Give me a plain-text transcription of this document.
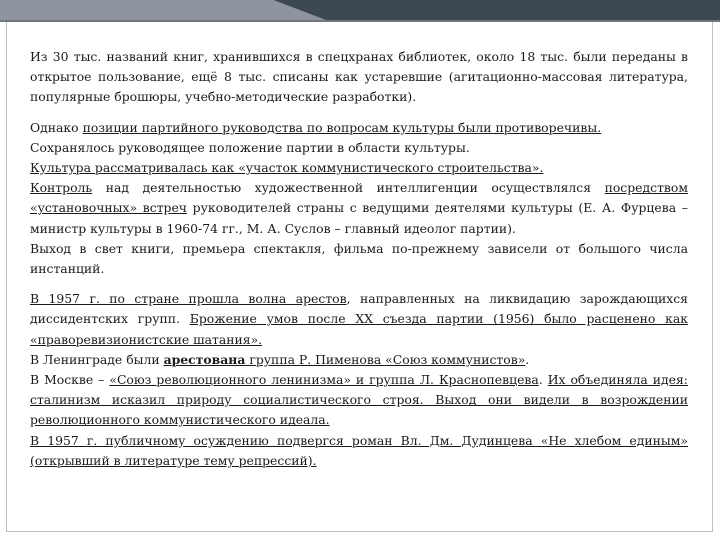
Из 30 тыс. названий книг, хранившихся в спецхранах библиотек, около 18 тыс. были переданы в открытое пользование, ещё 8 тыс. списаны как устаревшие (агитационно-массовая литература, популярные брошюры, учебно-методические разработки).

Однако позиции партийного руководства по вопросам культуры были противоречивы.

Сохранялось руководящее положение партии в области культуры.

Культура рассматривалась как «участок коммунистического строительства».

Контроль над деятельностью художественной интеллигенции осуществлялся посредством «установочных» встреч руководителей страны с ведущими деятелями культуры (Е. А. Фурцева – министр культуры в 1960-74 гг., М. А. Суслов – главный идеолог партии).

Выход в свет книги, премьера спектакля, фильма по-прежнему зависели от большого числа инстанций.

В 1957 г. по стране прошла волна арестов, направленных на ликвидацию зарождающихся диссидентских групп. Брожение умов после XX съезда партии (1956) было расценено как «праворевизионистские шатания».

В Ленинграде были арестована группа Р. Пименова «Союз коммунистов».

В Москве – «Союз революционного ленинизма» и группа Л. Краснопевцева. Их объединяла идея: сталинизм исказил природу социалистического строя. Выход они видели в возрождении революционного коммунистического идеала.

В 1957 г. публичному осуждению подвергся роман Вл. Дм. Дудинцева «Не хлебом единым» (открывший в литературе тему репрессий).
